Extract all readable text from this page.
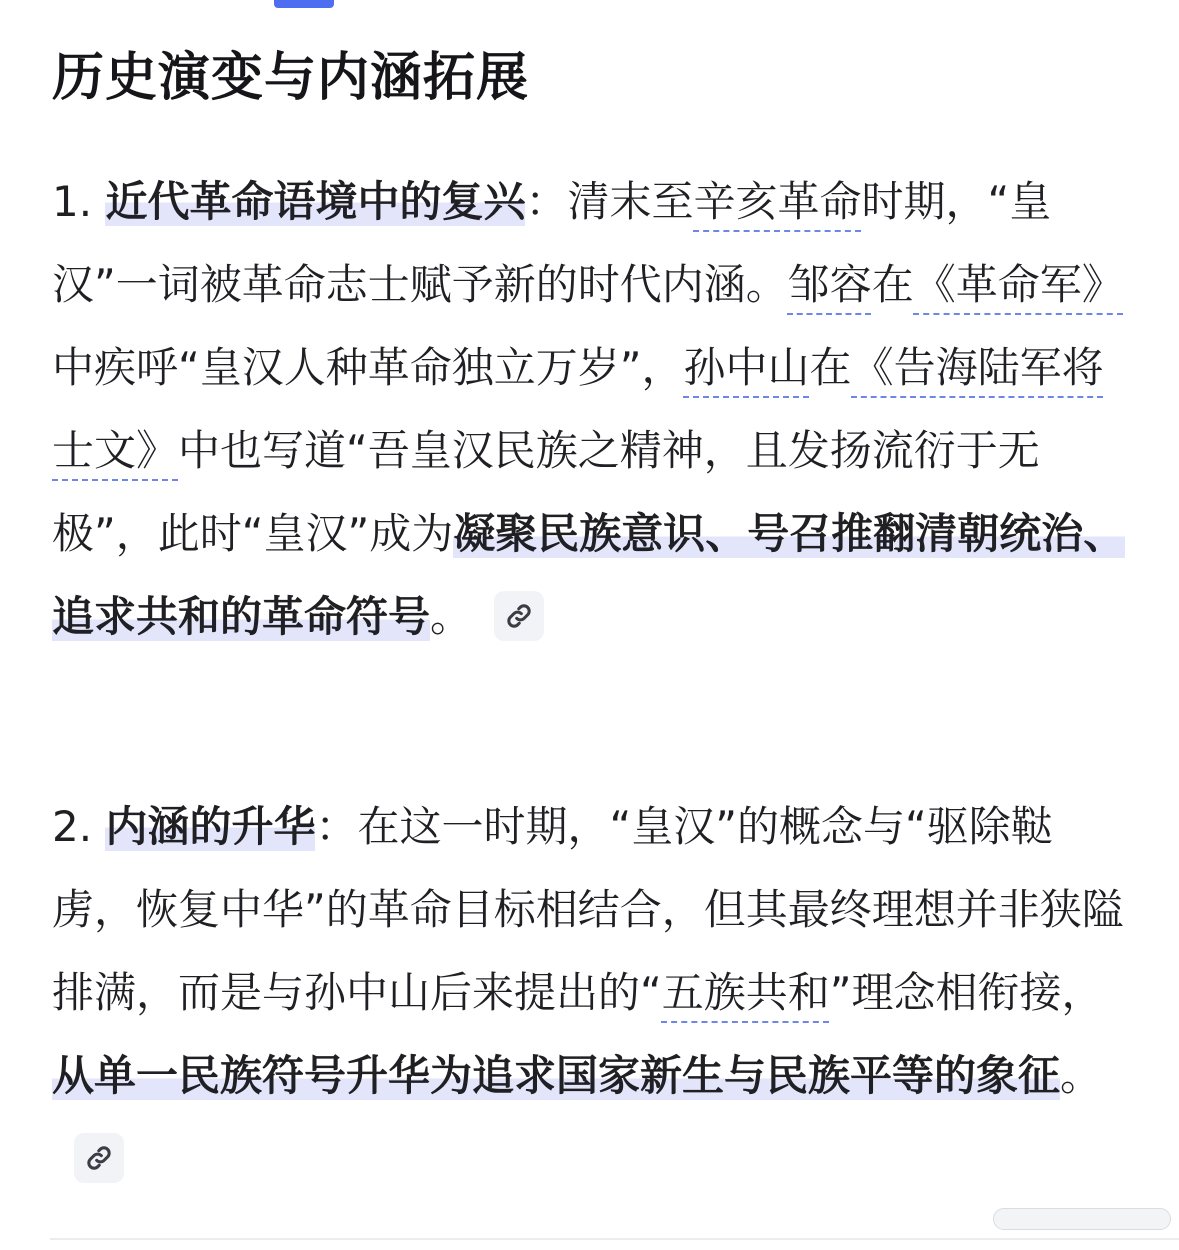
历史演变与内涵拓展

1. 近代革命语境中的复兴：清末至辛亥革命时期，“皇汉”一词被革命志士赋予新的时代内涵。邹容在《革命军》中疾呼“皇汉人种革命独立万岁”，孙中山在《告海陆军将士文》中也写道“吾皇汉民族之精神，且发扬流衍于无极”，此时“皇汉”成为凝聚民族意识、号召推翻清朝统治、追求共和的革命符号。

2. 内涵的升华：在这一时期，“皇汉”的概念与“驱除鞑虏，恢复中华”的革命目标相结合，但其最终理想并非狭隘排满，而是与孙中山后来提出的“五族共和”理念相衔接，从单一民族符号升华为追求国家新生与民族平等的象征。
